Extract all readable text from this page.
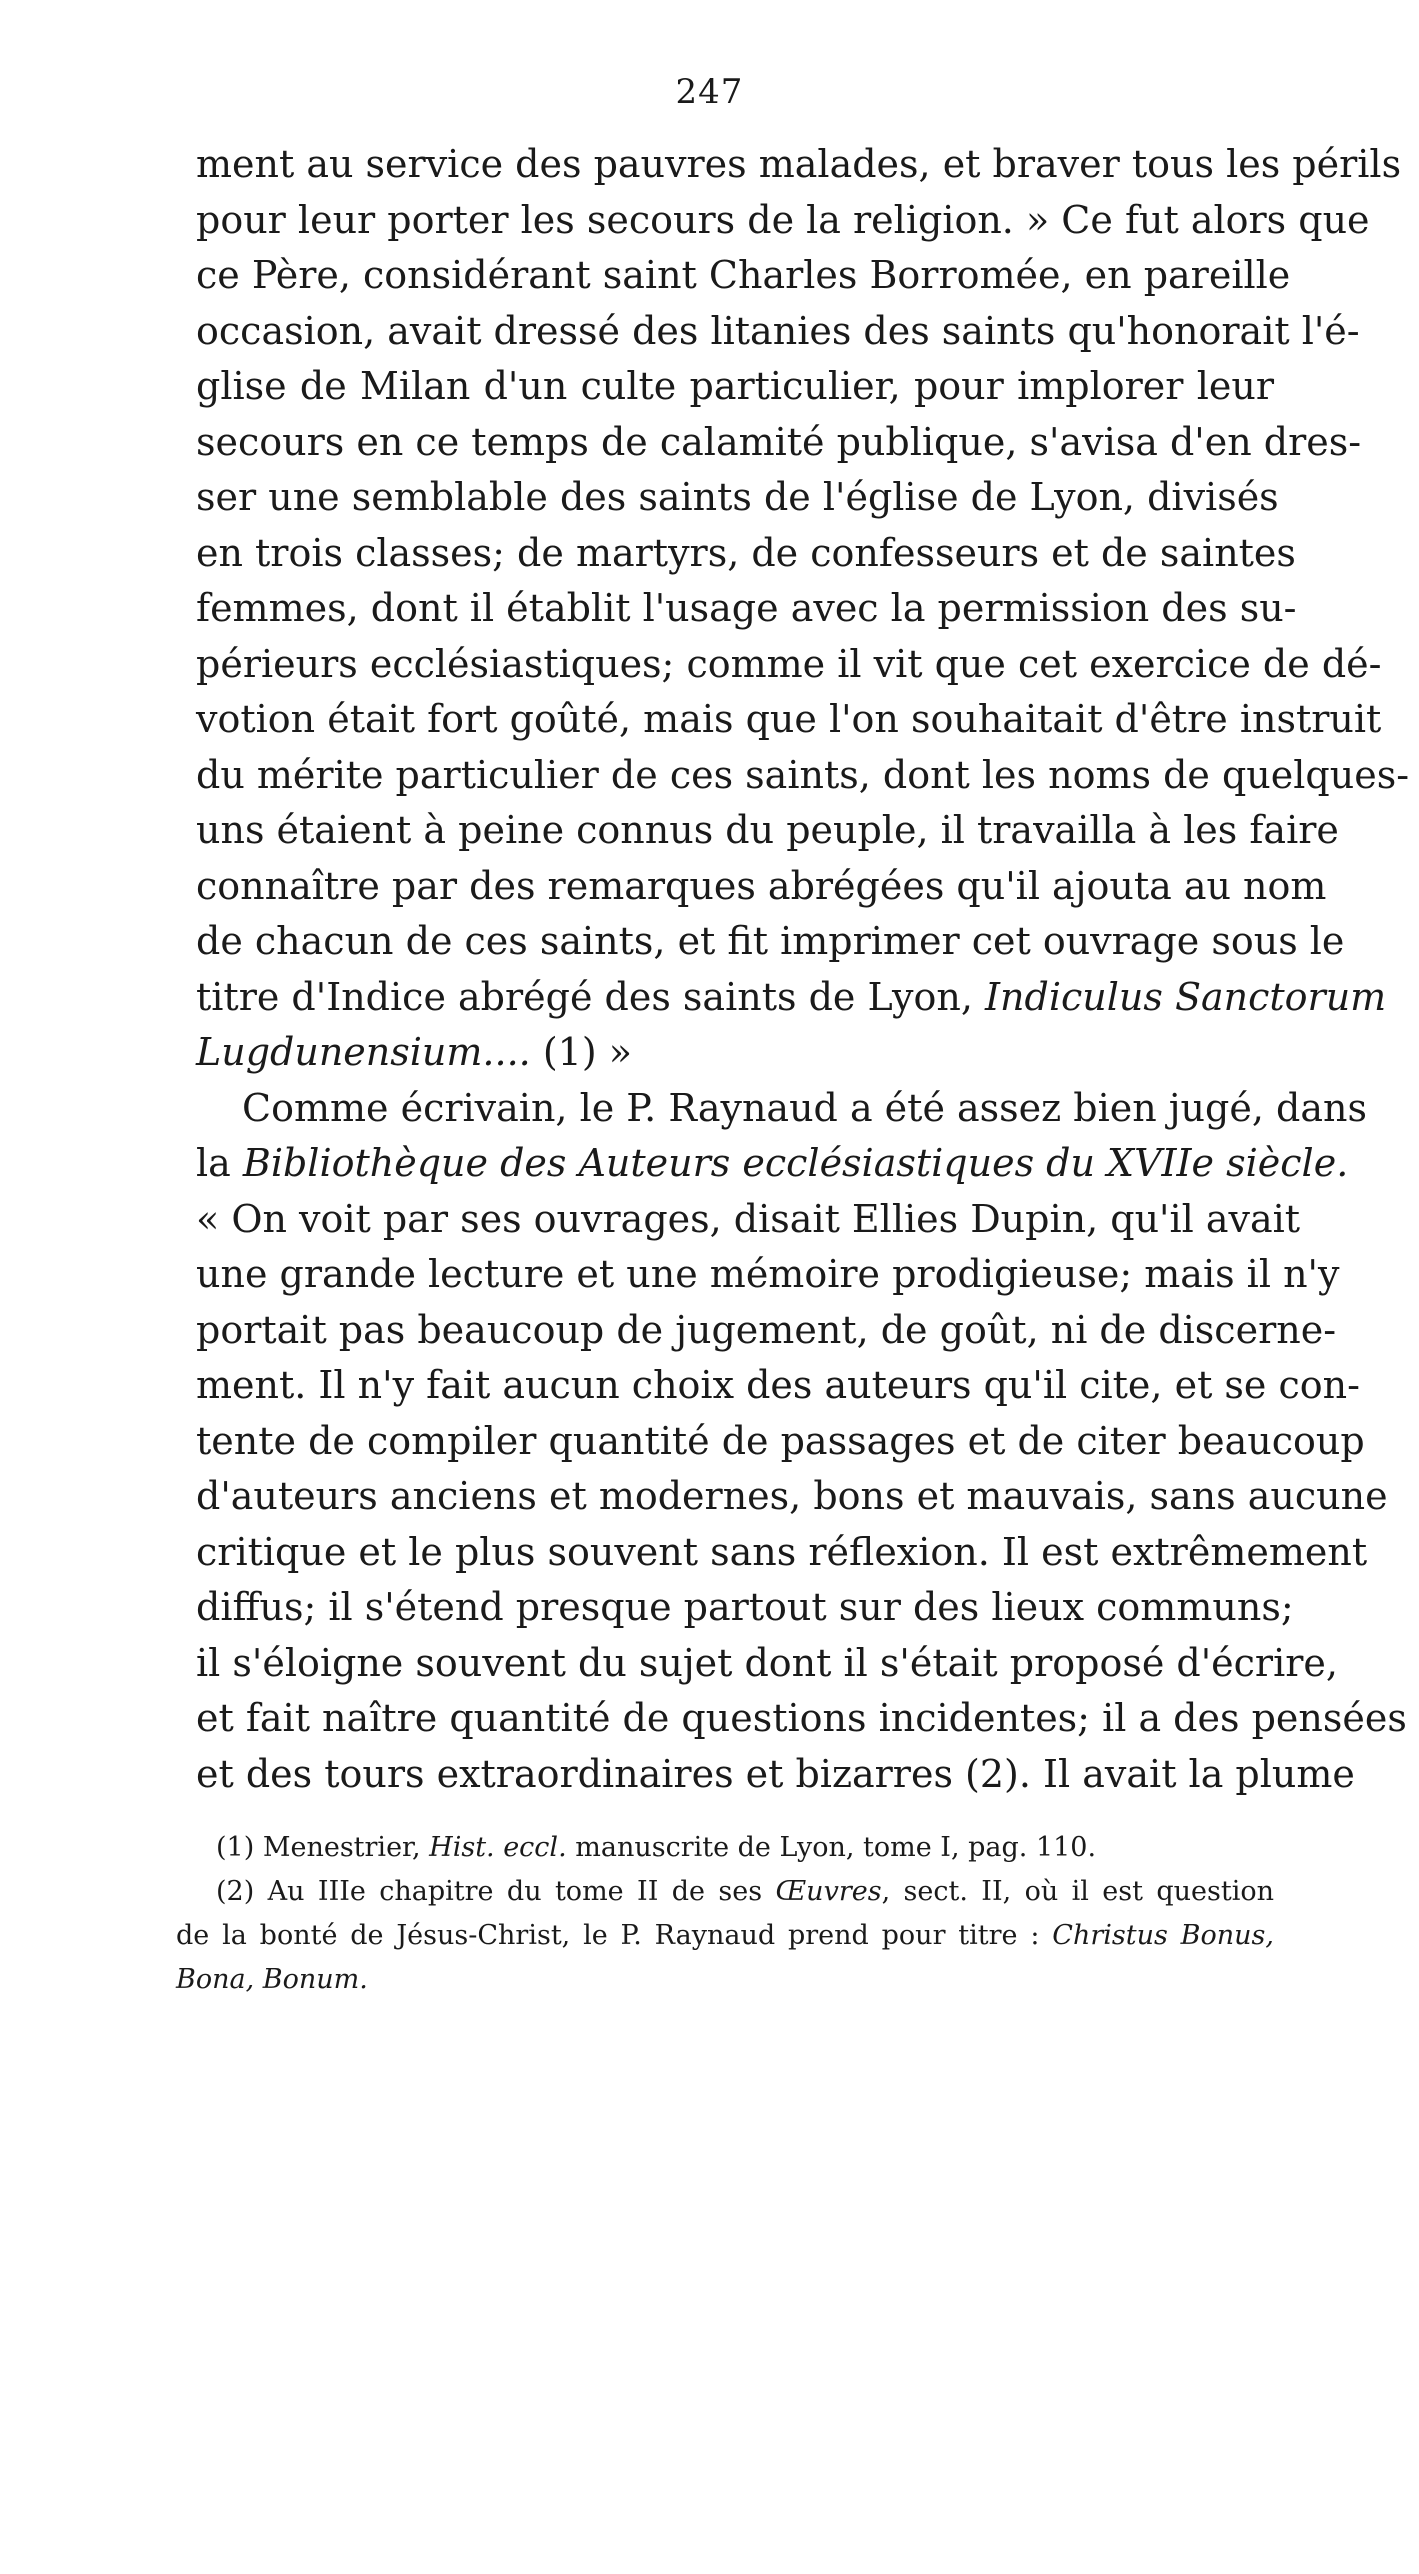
247
ment au service des pauvres malades, et braver tous les périls
pour leur porter les secours de la religion. » Ce fut alors que
ce Père, considérant saint Charles Borromée, en pareille
occasion, avait dressé des litanies des saints qu'honorait l'é-
glise de Milan d'un culte particulier, pour implorer leur
secours en ce temps de calamité publique, s'avisa d'en dres-
ser une semblable des saints de l'église de Lyon, divisés
en trois classes; de martyrs, de confesseurs et de saintes
femmes, dont il établit l'usage avec la permission des su-
périeurs ecclésiastiques; comme il vit que cet exercice de dé-
votion était fort goûté, mais que l'on souhaitait d'être instruit
du mérite particulier de ces saints, dont les noms de quelques-
uns étaient à peine connus du peuple, il travailla à les faire
connaître par des remarques abrégées qu'il ajouta au nom
de chacun de ces saints, et fit imprimer cet ouvrage sous le
titre d'Indice abrégé des saints de Lyon, Indiculus Sanctorum
Lugdunensium.... (1) »
Comme écrivain, le P. Raynaud a été assez bien jugé, dans
la Bibliothèque des Auteurs ecclésiastiques du XVIIe siècle.
« On voit par ses ouvrages, disait Ellies Dupin, qu'il avait
une grande lecture et une mémoire prodigieuse; mais il n'y
portait pas beaucoup de jugement, de goût, ni de discerne-
ment. Il n'y fait aucun choix des auteurs qu'il cite, et se con-
tente de compiler quantité de passages et de citer beaucoup
d'auteurs anciens et modernes, bons et mauvais, sans aucune
critique et le plus souvent sans réflexion. Il est extrêmement
diffus; il s'étend presque partout sur des lieux communs;
il s'éloigne souvent du sujet dont il s'était proposé d'écrire,
et fait naître quantité de questions incidentes; il a des pensées
et des tours extraordinaires et bizarres (2). Il avait la plume
(1) Menestrier, Hist. eccl. manuscrite de Lyon, tome I, pag. 110.
(2) Au IIIe chapitre du tome II de ses Œuvres, sect. II, où il est question
de la bonté de Jésus-Christ, le P. Raynaud prend pour titre : Christus Bonus,
Bona, Bonum.
